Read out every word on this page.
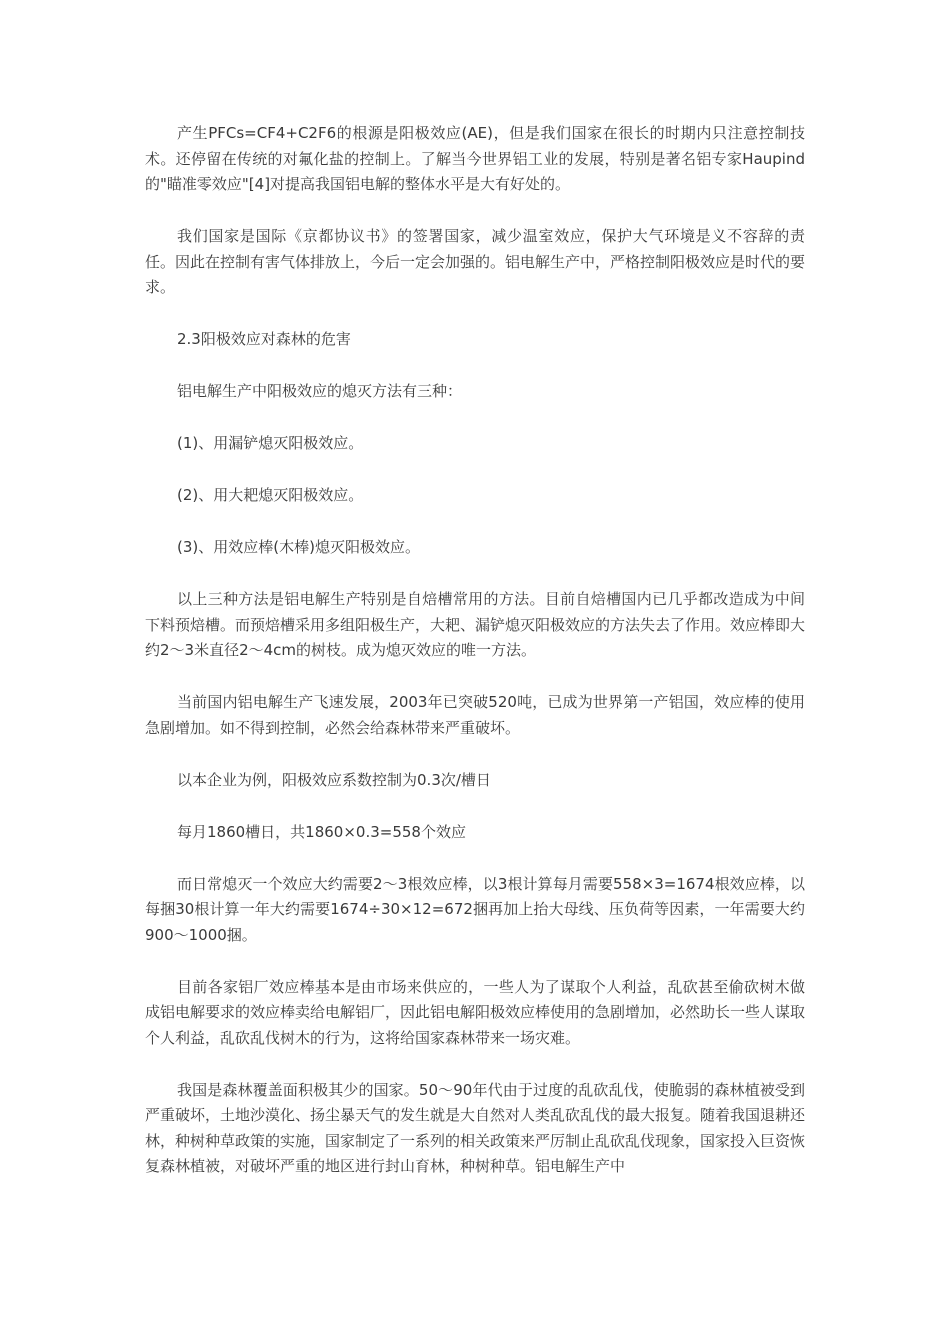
产生PFCs=CF4+C2F6的根源是阳极效应(AE)，但是我们国家在很长的时期内只注意控制技术。还停留在传统的对氟化盐的控制上。了解当今世界铝工业的发展，特别是著名铝专家Haupind的"瞄准零效应"[4]对提高我国铝电解的整体水平是大有好处的。

我们国家是国际《京都协议书》的签署国家，减少温室效应，保护大气环境是义不容辞的责任。因此在控制有害气体排放上，今后一定会加强的。铝电解生产中，严格控制阳极效应是时代的要求。

2.3阳极效应对森林的危害

铝电解生产中阳极效应的熄灭方法有三种：

(1)、用漏铲熄灭阳极效应。

(2)、用大耙熄灭阳极效应。

(3)、用效应棒(木棒)熄灭阳极效应。

以上三种方法是铝电解生产特别是自焙槽常用的方法。目前自焙槽国内已几乎都改造成为中间下料预焙槽。而预焙槽采用多组阳极生产，大耙、漏铲熄灭阳极效应的方法失去了作用。效应棒即大约2～3米直径2～4cm的树枝。成为熄灭效应的唯一方法。

当前国内铝电解生产飞速发展，2003年已突破520吨，已成为世界第一产铝国，效应棒的使用急剧增加。如不得到控制，必然会给森林带来严重破坏。

以本企业为例，阳极效应系数控制为0.3次/槽日

每月1860槽日，共1860×0.3=558个效应

而日常熄灭一个效应大约需要2～3根效应棒，以3根计算每月需要558×3=1674根效应棒，以每捆30根计算一年大约需要1674÷30×12=672捆再加上抬大母线、压负荷等因素，一年需要大约900～1000捆。

目前各家铝厂效应棒基本是由市场来供应的，一些人为了谋取个人利益，乱砍甚至偷砍树木做成铝电解要求的效应棒卖给电解铝厂，因此铝电解阳极效应棒使用的急剧增加，必然助长一些人谋取个人利益，乱砍乱伐树木的行为，这将给国家森林带来一场灾难。

我国是森林覆盖面积极其少的国家。50～90年代由于过度的乱砍乱伐，使脆弱的森林植被受到严重破坏，土地沙漠化、扬尘暴天气的发生就是大自然对人类乱砍乱伐的最大报复。随着我国退耕还林，种树种草政策的实施，国家制定了一系列的相关政策来严厉制止乱砍乱伐现象，国家投入巨资恢复森林植被，对破坏严重的地区进行封山育林，种树种草。铝电解生产中
